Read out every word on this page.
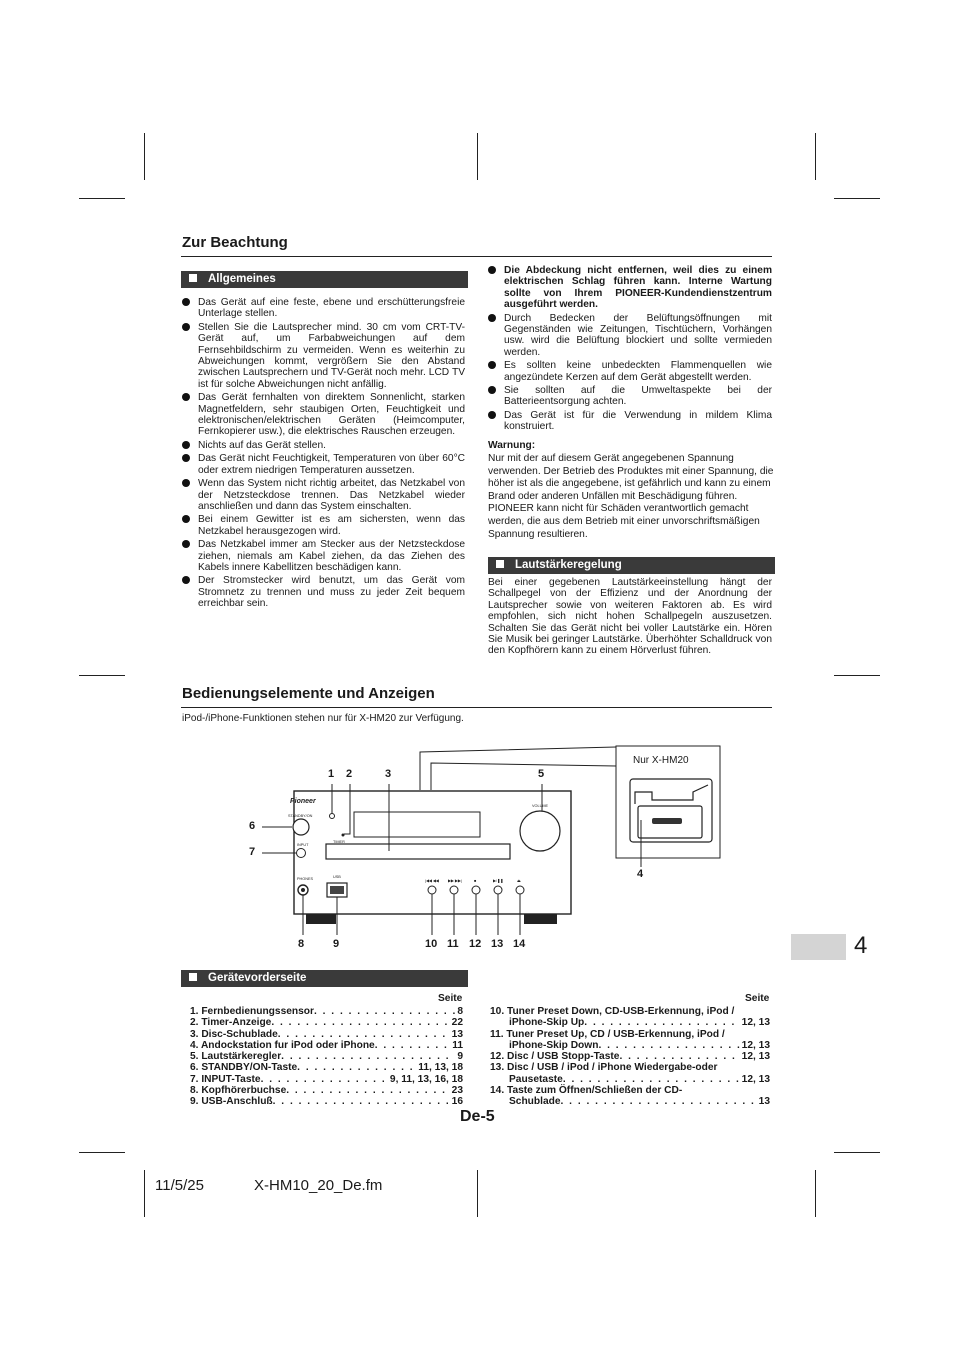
Zur Beachtung
Allgemeines
Das Gerät auf eine feste, ebene und erschütterungsfreie Unterlage stellen.
Stellen Sie die Lautsprecher mind. 30 cm vom CRT-TV-Gerät auf, um Farbabweichungen auf dem Fernsehbildschirm zu vermeiden. Wenn es weiterhin zu Abweichungen kommt, vergrößern Sie den Abstand zwischen Lautsprechern und TV-Gerät noch mehr. LCD TV ist für solche Abweichungen nicht anfällig.
Das Gerät fernhalten von direktem Sonnenlicht, starken Magnetfeldern, sehr staubigen Orten, Feuchtigkeit und elektronischen/elektrischen Geräten (Heimcomputer, Fernkopierer usw.), die elektrisches Rauschen erzeugen.
Nichts auf das Gerät stellen.
Das Gerät nicht Feuchtigkeit, Temperaturen von über 60°C oder extrem niedrigen Temperaturen aussetzen.
Wenn das System nicht richtig arbeitet, das Netzkabel von der Netzsteckdose trennen. Das Netzkabel wieder anschließen und dann das System einschalten.
Bei einem Gewitter ist es am sichersten, wenn das Netzkabel herausgezogen wird.
Das Netzkabel immer am Stecker aus der Netzsteckdose ziehen, niemals am Kabel ziehen, da das Ziehen des Kabels innere Kabellitzen beschädigen kann.
Der Stromstecker wird benutzt, um das Gerät vom Stromnetz zu trennen und muss zu jeder Zeit bequem erreichbar sein.
Die Abdeckung nicht entfernen, weil dies zu einem elektrischen Schlag führen kann. Interne Wartung sollte von Ihrem PIONEER-Kundendienstzentrum ausgeführt werden.
Durch Bedecken der Belüftungsöffnungen mit Gegenständen wie Zeitungen, Tischtüchern, Vorhängen usw. wird die Belüftung blockiert und sollte vermieden werden.
Es sollten keine unbedeckten Flammenquellen wie angezündete Kerzen auf dem Gerät abgestellt werden.
Sie sollten auf die Umweltaspekte bei der Batterieentsorgung achten.
Das Gerät ist für die Verwendung in mildem Klima konstruiert.
Warnung:
Nur mit der auf diesem Gerät angegebenen Spannung verwenden. Der Betrieb des Produktes mit einer Spannung, die höher ist als die angegebene, ist gefährlich und kann zu einem Brand oder anderen Unfällen mit Beschädigung führen. PIONEER kann nicht für Schäden verantwortlich gemacht werden, die aus dem Betrieb mit einer unvorschriftsmäßigen Spannung resultieren.
Lautstärkeregelung
Bei einer gegebenen Lautstärkeeinstellung hängt der Schallpegel von der Effizienz und der Anordnung der Lautsprecher sowie von weiteren Faktoren ab. Es wird empfohlen, sich nicht hohen Schallpegeln auszusetzen. Schalten Sie das Gerät nicht bei voller Lautstärke ein. Hören Sie Musik bei geringer Lautstärke. Überhöhter Schalldruck von den Kopfhörern kann zu einem Hörverlust führen.
Bedienungselemente und Anzeigen
iPod-/iPhone-Funktionen stehen nur für X-HM20 zur Verfügung.
STANDBY/ON
INPUT
VOLUME
PHONES	USB
TIMER
|◀◀ ◀◀ ▶▶ ▶▶|	■	▶/❚❚	⏏
Pioneer
Nur X-HM20
1 2	3	5
6
7
4
8	9	10 11 12 13 14
Gerätevorderseite
Seite	Seite
1. Fernbedienungssensor . . .	8
2. Timer-Anzeige . . .	22
3. Disc-Schublade . . .	13
4. Andockstation fur iPod oder iPhone . . .	11
5. Lautstärkeregler . . .	9
6. STANDBY/ON-Taste . . .	11, 13, 18
7. INPUT-Taste . . .	9, 11, 13, 16, 18
8. Kopfhörerbuchse . . .	23
9. USB-Anschluß . . .	16
10. Tuner Preset Down, CD-USB-Erkennung, iPod /
iPhone-Skip Up . . .	12, 13
11. Tuner Preset Up, CD / USB-Erkennung, iPod /
iPhone-Skip Down . . .	12, 13
12. Disc / USB Stopp-Taste . . .	12, 13
13. Disc / USB / iPod / iPhone Wiedergabe-oder
Pausetaste . . .	12, 13
14. Taste zum Öffnen/Schließen der CD-
Schublade . . .	13
De-5
4
11/5/25	X-HM10_20_De.fm
